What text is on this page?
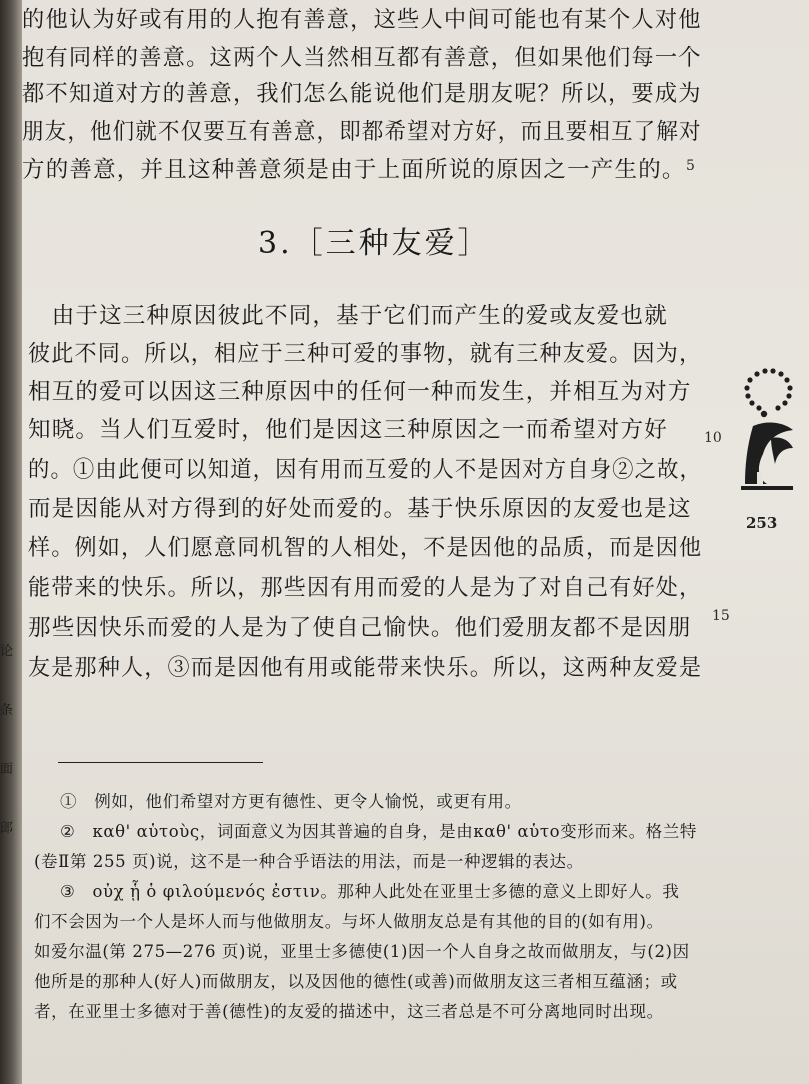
论
条
面
郎
的他认为好或有用的人抱有善意，这些人中间可能也有某个人对他
抱有同样的善意。这两个人当然相互都有善意，但如果他们每一个
都不知道对方的善意，我们怎么能说他们是朋友呢？所以，要成为
朋友，他们就不仅要互有善意，即都希望对方好，而且要相互了解对
方的善意，并且这种善意须是由于上面所说的原因之一产生的。 5
3.［三种友爱］
　由于这三种原因彼此不同，基于它们而产生的爱或友爱也就
彼此不同。所以，相应于三种可爱的事物，就有三种友爱。因为，
相互的爱可以因这三种原因中的任何一种而发生，并相互为对方
知晓。当人们互爱时，他们是因这三种原因之一而希望对方好
的。①由此便可以知道，因有用而互爱的人不是因对方自身②之故，
而是因能从对方得到的好处而爱的。基于快乐原因的友爱也是这
样。例如，人们愿意同机智的人相处，不是因他的品质，而是因他
能带来的快乐。所以，那些因有用而爱的人是为了对自己有好处，
那些因快乐而爱的人是为了使自己愉快。他们爱朋友都不是因朋
友是那种人，③而是因他有用或能带来快乐。所以，这两种友爱是
10
15
253
①　例如，他们希望对方更有德性、更令人愉悦，或更有用。
②　καθ' αὑτοὺς，词面意义为因其普遍的自身，是由καθ' αὑτο变形而来。格兰特
(卷Ⅱ第 255 页)说，这不是一种合乎语法的用法，而是一种逻辑的表达。
③　οὐχ ᾗ ὁ φιλούμενός ἐστιν。那种人此处在亚里士多德的意义上即好人。我
们不会因为一个人是坏人而与他做朋友。与坏人做朋友总是有其他的目的(如有用)。
如爱尔温(第 275—276 页)说，亚里士多德使(1)因一个人自身之故而做朋友，与(2)因
他所是的那种人(好人)而做朋友，以及因他的德性(或善)而做朋友这三者相互蕴涵；或
者，在亚里士多德对于善(德性)的友爱的描述中，这三者总是不可分离地同时出现。
